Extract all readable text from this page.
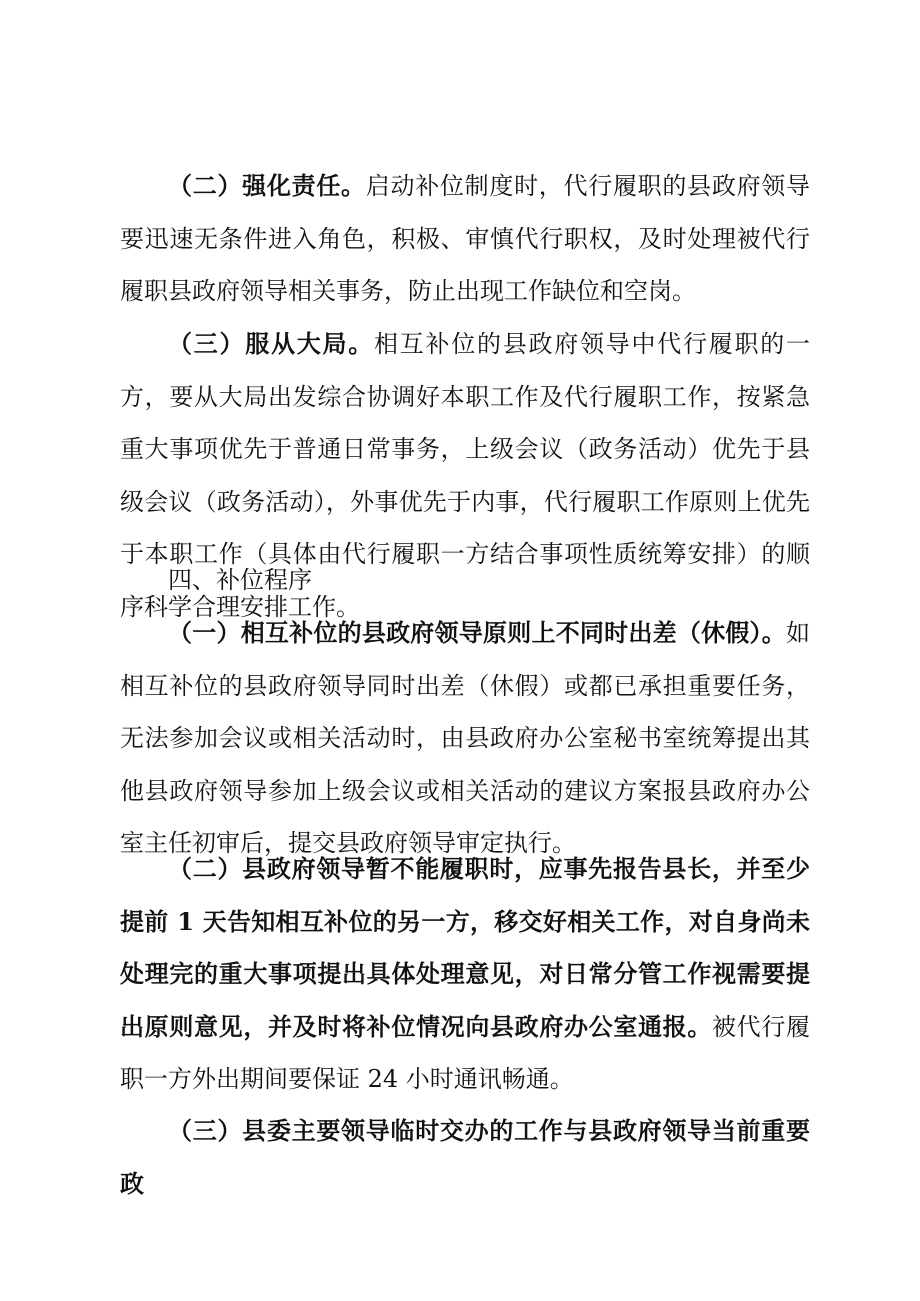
（二）强化责任。启动补位制度时，代行履职的县政府领导要迅速无条件进入角色，积极、审慎代行职权，及时处理被代行履职县政府领导相关事务，防止出现工作缺位和空岗。

（三）服从大局。相互补位的县政府领导中代行履职的一方，要从大局出发综合协调好本职工作及代行履职工作，按紧急重大事项优先于普通日常事务，上级会议（政务活动）优先于县级会议（政务活动），外事优先于内事，代行履职工作原则上优先于本职工作（具体由代行履职一方结合事项性质统筹安排）的顺序科学合理安排工作。

四、补位程序

（一）相互补位的县政府领导原则上不同时出差（休假）。如相互补位的县政府领导同时出差（休假）或都已承担重要任务，无法参加会议或相关活动时，由县政府办公室秘书室统筹提出其他县政府领导参加上级会议或相关活动的建议方案报县政府办公室主任初审后，提交县政府领导审定执行。

（二）县政府领导暂不能履职时，应事先报告县长，并至少提前 1 天告知相互补位的另一方，移交好相关工作，对自身尚未处理完的重大事项提出具体处理意见，对日常分管工作视需要提出原则意见，并及时将补位情况向县政府办公室通报。被代行履职一方外出期间要保证 24 小时通讯畅通。

（三）县委主要领导临时交办的工作与县政府领导当前重要政
